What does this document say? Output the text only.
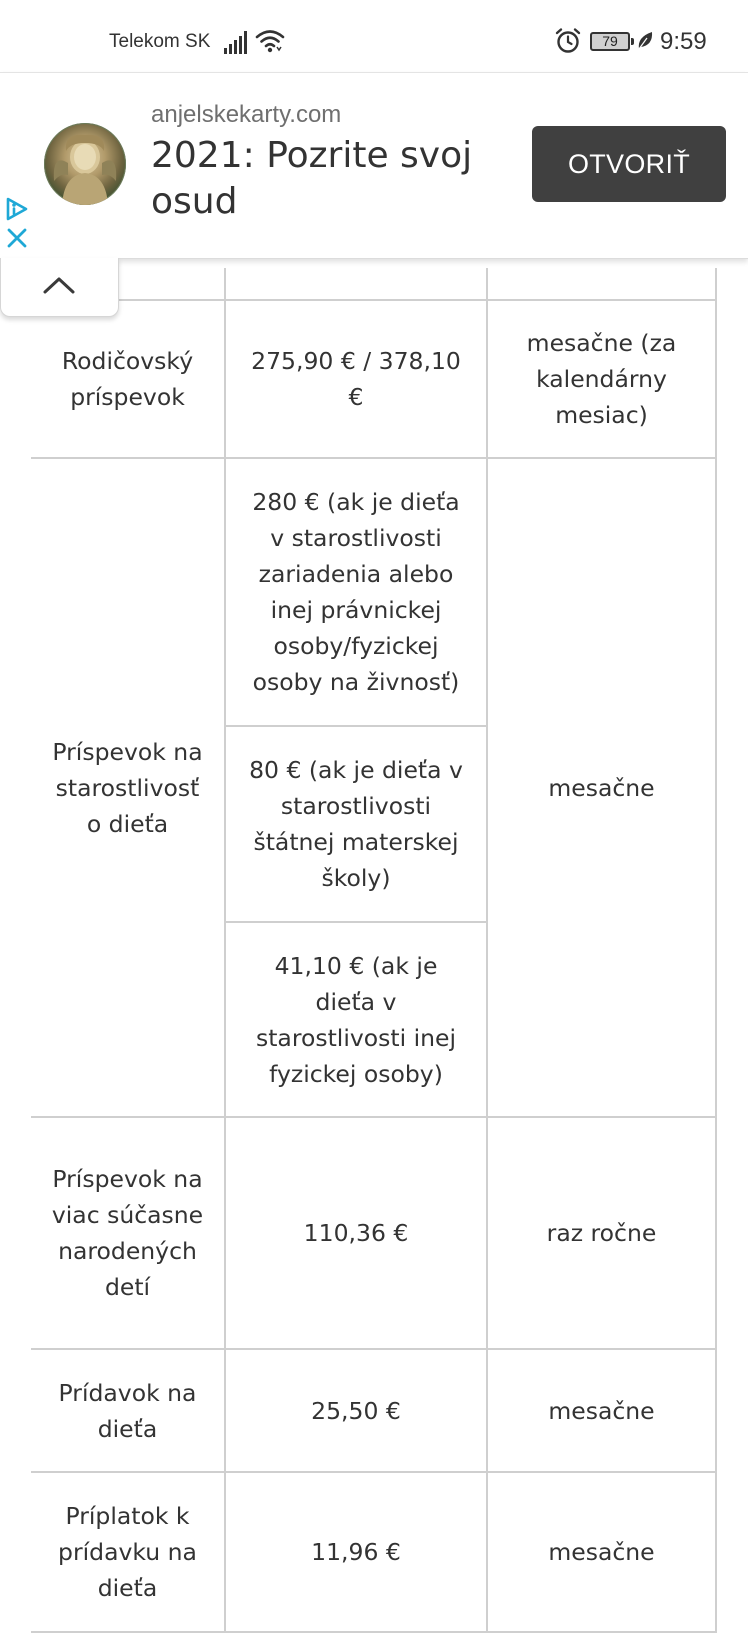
Telekom SK	79	9:59
anjelskekarty.com
2021: Pozrite svoj osud
OTVORIŤ

Rodičovský príspevok	275,90 € / 378,10 €	mesačne (za kalendárny mesiac)
Príspevok na starostlivosť o dieťa	280 € (ak je dieťa v starostlivosti zariadenia alebo inej právnickej osoby/fyzickej osoby na živnosť)	mesačne
	80 € (ak je dieťa v starostlivosti štátnej materskej školy)	
	41,10 € (ak je dieťa v starostlivosti inej fyzickej osoby)	
Príspevok na viac súčasne narodených detí	110,36 €	raz ročne
Prídavok na dieťa	25,50 €	mesačne
Príplatok k prídavku na dieťa	11,96 €	mesačne
